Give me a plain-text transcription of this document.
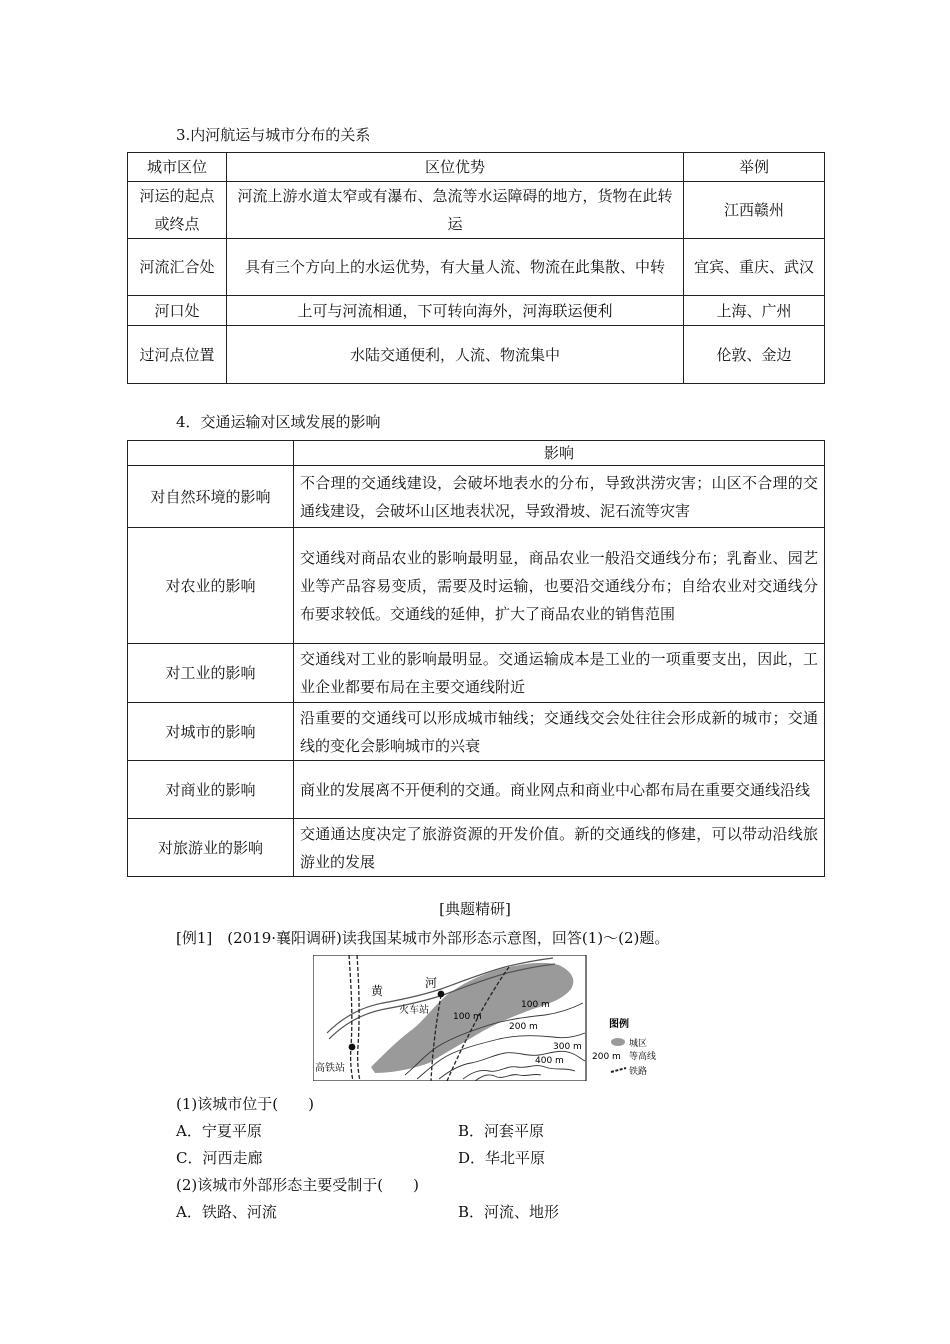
3.内河航运与城市分布的关系
城市区位	区位优势	举例
河运的起点或终点	河流上游水道太窄或有瀑布、急流等水运障碍的地方，货物在此转运	江西赣州
河流汇合处	具有三个方向上的水运优势，有大量人流、物流在此集散、中转	宜宾、重庆、武汉
河口处	上可与河流相通，下可转向海外，河海联运便利	上海、广州
过河点位置	水陆交通便利，人流、物流集中	伦敦、金边
4．交通运输对区域发展的影响
	影响
对自然环境的影响	不合理的交通线建设，会破坏地表水的分布，导致洪涝灾害；山区不合理的交通线建设，会破坏山区地表状况，导致滑坡、泥石流等灾害
对农业的影响	交通线对商品农业的影响最明显，商品农业一般沿交通线分布；乳畜业、园艺业等产品容易变质，需要及时运输，也要沿交通线分布；自给农业对交通线分布要求较低。交通线的延伸，扩大了商品农业的销售范围
对工业的影响	交通线对工业的影响最明显。交通运输成本是工业的一项重要支出，因此，工业企业都要布局在主要交通线附近
对城市的影响	沿重要的交通线可以形成城市轴线；交通线交会处往往会形成新的城市；交通线的变化会影响城市的兴衰
对商业的影响	商业的发展离不开便利的交通。商业网点和商业中心都布局在重要交通线沿线
对旅游业的影响	交通通达度决定了旅游资源的开发价值。新的交通线的修建，可以带动沿线旅游业的发展
[典题精研]
[例1]　(2019·襄阳调研)读我国某城市外部形态示意图，回答(1)～(2)题。
黄
河
火车站
高铁站
100 m
100 m
200 m
300 m
400 m
图例
城区
200 m 等高线
铁路
(1)该城市位于(　　)
A．宁夏平原	B．河套平原
C．河西走廊	D．华北平原
(2)该城市外部形态主要受制于(　　)
A．铁路、河流	B．河流、地形
